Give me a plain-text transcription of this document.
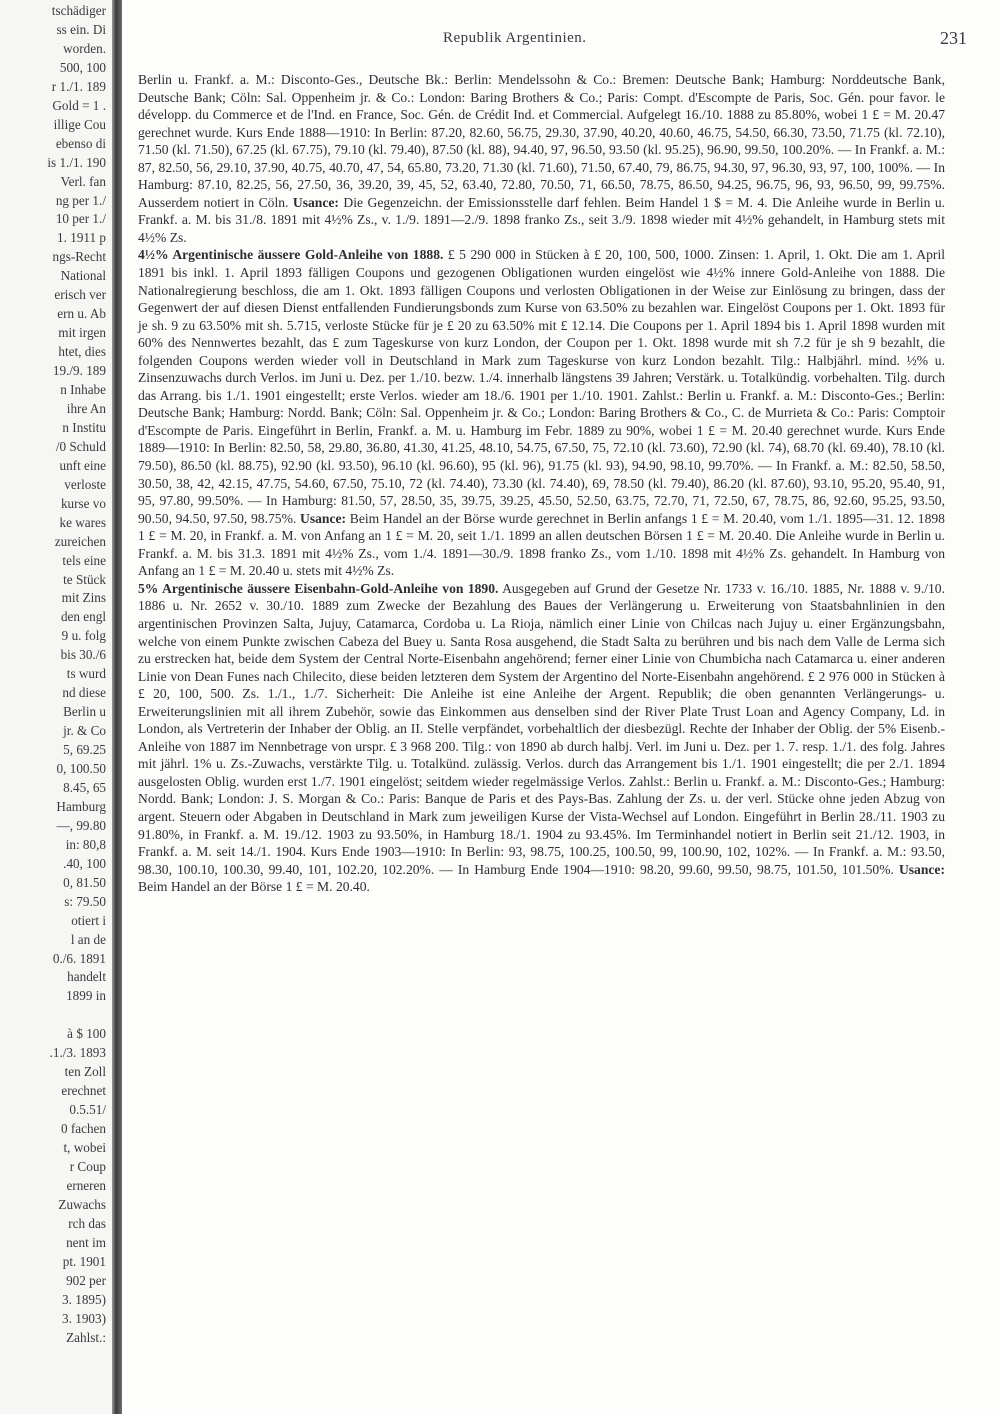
tschädiger
ss ein. Di
worden.
500, 100
r 1./1. 189
Gold = 1 .
illige Cou
ebenso di
is 1./1. 190
Verl. fan
ng per 1./
10 per 1./
1. 1911 p
ngs-Recht
National
erisch ver
ern u. Ab
mit irgen
htet, dies
19./9. 189
n Inhabe
ihre An
n Institu
/0 Schuld
unft eine
verloste
kurse vo
ke wares
zureichen
tels eine
te Stück
mit Zins
den engl
9 u. folg
bis 30./6
ts wurd
nd diese
Berlin u
jr. & Co
5, 69.25
0, 100.50
8.45, 65
Hamburg
—, 99.80
in: 80,8
.40, 100
0, 81.50
s: 79.50
otiert i
l an de
0./6. 1891
handelt
1899 in
à $ 100
.1./3. 1893
ten Zoll
erechnet
0.5.51/
0 fachen
t, wobei
r Coup
erneren
Zuwachs
rch das
nent im
pt. 1901
902 per
3. 1895)
3. 1903)
Zahlst.:
Republik Argentinien.	231

Berlin u. Frankf. a. M.: Disconto-Ges., Deutsche Bk.: Berlin: Mendelssohn & Co.: Bremen: Deutsche Bank; Hamburg: Norddeutsche Bank, Deutsche Bank; Cöln: Sal. Oppenheim jr. & Co.: London: Baring Brothers & Co.; Paris: Compt. d'Escompte de Paris, Soc. Gén. pour favor. le développ. du Commerce et de l'Ind. en France, Soc. Gén. de Crédit Ind. et Commercial. Aufgelegt 16./10. 1888 zu 85.80%, wobei 1 £ = M. 20.47 gerechnet wurde. Kurs Ende 1888—1910: In Berlin: 87.20, 82.60, 56.75, 29.30, 37.90, 40.20, 40.60, 46.75, 54.50, 66.30, 73.50, 71.75 (kl. 72.10), 71.50 (kl. 71.50), 67.25 (kl. 67.75), 79.10 (kl. 79.40), 87.50 (kl. 88), 94.40, 97, 96.50, 93.50 (kl. 95.25), 96.90, 99.50, 100.20%. — In Frankf. a. M.: 87, 82.50, 56, 29.10, 37.90, 40.75, 40.70, 47, 54, 65.80, 73.20, 71.30 (kl. 71.60), 71.50, 67.40, 79, 86.75, 94.30, 97, 96.30, 93, 97, 100, 100%. — In Hamburg: 87.10, 82.25, 56, 27.50, 36, 39.20, 39, 45, 52, 63.40, 72.80, 70.50, 71, 66.50, 78.75, 86.50, 94.25, 96.75, 96, 93, 96.50, 99, 99.75%. Ausserdem notiert in Cöln. Usance: Die Gegenzeichn. der Emissionsstelle darf fehlen. Beim Handel 1 $ = M. 4. Die Anleihe wurde in Berlin u. Frankf. a. M. bis 31./8. 1891 mit 4½% Zs., v. 1./9. 1891—2./9. 1898 franko Zs., seit 3./9. 1898 wieder mit 4½% gehandelt, in Hamburg stets mit 4½% Zs.

4½% Argentinische äussere Gold-Anleihe von 1888. £ 5 290 000 in Stücken à £ 20, 100, 500, 1000. Zinsen: 1. April, 1. Okt. Die am 1. April 1891 bis inkl. 1. April 1893 fälligen Coupons und gezogenen Obligationen wurden eingelöst wie 4½% innere Gold-Anleihe von 1888. Die Nationalregierung beschloss, die am 1. Okt. 1893 fälligen Coupons und verlosten Obligationen in der Weise zur Einlösung zu bringen, dass der Gegenwert der auf diesen Dienst entfallenden Fundierungsbonds zum Kurse von 63.50% zu bezahlen war. Eingelöst Coupons per 1. Okt. 1893 für je sh. 9 zu 63.50% mit sh. 5.715, verloste Stücke für je £ 20 zu 63.50% mit £ 12.14. Die Coupons per 1. April 1894 bis 1. April 1898 wurden mit 60% des Nennwertes bezahlt, das £ zum Tageskurse von kurz London, der Coupon per 1. Okt. 1898 wurde mit sh 7.2 für je sh 9 bezahlt, die folgenden Coupons werden wieder voll in Deutschland in Mark zum Tageskurse von kurz London bezahlt. Tilg.: Halbjährl. mind. ½% u. Zinsenzuwachs durch Verlos. im Juni u. Dez. per 1./10. bezw. 1./4. innerhalb längstens 39 Jahren; Verstärk. u. Totalkündig. vorbehalten. Tilg. durch das Arrang. bis 1./1. 1901 eingestellt; erste Verlos. wieder am 18./6. 1901 per 1./10. 1901. Zahlst.: Berlin u. Frankf. a. M.: Disconto-Ges.; Berlin: Deutsche Bank; Hamburg: Nordd. Bank; Cöln: Sal. Oppenheim jr. & Co.; London: Baring Brothers & Co., C. de Murrieta & Co.: Paris: Comptoir d'Escompte de Paris. Eingeführt in Berlin, Frankf. a. M. u. Hamburg im Febr. 1889 zu 90%, wobei 1 £ = M. 20.40 gerechnet wurde. Kurs Ende 1889—1910: In Berlin: 82.50, 58, 29.80, 36.80, 41.30, 41.25, 48.10, 54.75, 67.50, 75, 72.10 (kl. 73.60), 72.90 (kl. 74), 68.70 (kl. 69.40), 78.10 (kl. 79.50), 86.50 (kl. 88.75), 92.90 (kl. 93.50), 96.10 (kl. 96.60), 95 (kl. 96), 91.75 (kl. 93), 94.90, 98.10, 99.70%. — In Frankf. a. M.: 82.50, 58.50, 30.50, 38, 42, 42.15, 47.75, 54.60, 67.50, 75.10, 72 (kl. 74.40), 73.30 (kl. 74.40), 69, 78.50 (kl. 79.40), 86.20 (kl. 87.60), 93.10, 95.20, 95.40, 91, 95, 97.80, 99.50%. — In Hamburg: 81.50, 57, 28.50, 35, 39.75, 39.25, 45.50, 52.50, 63.75, 72.70, 71, 72.50, 67, 78.75, 86, 92.60, 95.25, 93.50, 90.50, 94.50, 97.50, 98.75%. Usance: Beim Handel an der Börse wurde gerechnet in Berlin anfangs 1 £ = M. 20.40, vom 1./1. 1895—31. 12. 1898 1 £ = M. 20, in Frankf. a. M. von Anfang an 1 £ = M. 20, seit 1./1. 1899 an allen deutschen Börsen 1 £ = M. 20.40. Die Anleihe wurde in Berlin u. Frankf. a. M. bis 31.3. 1891 mit 4½% Zs., vom 1./4. 1891—30./9. 1898 franko Zs., vom 1./10. 1898 mit 4½% Zs. gehandelt. In Hamburg von Anfang an 1 £ = M. 20.40 u. stets mit 4½% Zs.

5% Argentinische äussere Eisenbahn-Gold-Anleihe von 1890. Ausgegeben auf Grund der Gesetze Nr. 1733 v. 16./10. 1885, Nr. 1888 v. 9./10. 1886 u. Nr. 2652 v. 30./10. 1889 zum Zwecke der Bezahlung des Baues der Verlängerung u. Erweiterung von Staatsbahnlinien in den argentinischen Provinzen Salta, Jujuy, Catamarca, Cordoba u. La Rioja, nämlich einer Linie von Chilcas nach Jujuy u. einer Ergänzungsbahn, welche von einem Punkte zwischen Cabeza del Buey u. Santa Rosa ausgehend, die Stadt Salta zu berühren und bis nach dem Valle de Lerma sich zu erstrecken hat, beide dem System der Central Norte-Eisenbahn angehörend; ferner einer Linie von Chumbicha nach Catamarca u. einer anderen Linie von Dean Funes nach Chilecito, diese beiden letzteren dem System der Argentino del Norte-Eisenbahn angehörend. £ 2 976 000 in Stücken à £ 20, 100, 500. Zs. 1./1., 1./7. Sicherheit: Die Anleihe ist eine Anleihe der Argent. Republik; die oben genannten Verlängerungs- u. Erweiterungslinien mit all ihrem Zubehör, sowie das Einkommen aus denselben sind der River Plate Trust Loan and Agency Company, Ld. in London, als Vertreterin der Inhaber der Oblig. an II. Stelle verpfändet, vorbehaltlich der diesbezügl. Rechte der Inhaber der Oblig. der 5% Eisenb.-Anleihe von 1887 im Nennbetrage von urspr. £ 3 968 200. Tilg.: von 1890 ab durch halbj. Verl. im Juni u. Dez. per 1. 7. resp. 1./1. des folg. Jahres mit jährl. 1% u. Zs.-Zuwachs, verstärkte Tilg. u. Totalkünd. zulässig. Verlos. durch das Arrangement bis 1./1. 1901 eingestellt; die per 2./1. 1894 ausgelosten Oblig. wurden erst 1./7. 1901 eingelöst; seitdem wieder regelmässige Verlos. Zahlst.: Berlin u. Frankf. a. M.: Disconto-Ges.; Hamburg: Nordd. Bank; London: J. S. Morgan & Co.: Paris: Banque de Paris et des Pays-Bas. Zahlung der Zs. u. der verl. Stücke ohne jeden Abzug von argent. Steuern oder Abgaben in Deutschland in Mark zum jeweiligen Kurse der Vista-Wechsel auf London. Eingeführt in Berlin 28./11. 1903 zu 91.80%, in Frankf. a. M. 19./12. 1903 zu 93.50%, in Hamburg 18./1. 1904 zu 93.45%. Im Terminhandel notiert in Berlin seit 21./12. 1903, in Frankf. a. M. seit 14./1. 1904. Kurs Ende 1903—1910: In Berlin: 93, 98.75, 100.25, 100.50, 99, 100.90, 102, 102%. — In Frankf. a. M.: 93.50, 98.30, 100.10, 100.30, 99.40, 101, 102.20, 102.20%. — In Hamburg Ende 1904—1910: 98.20, 99.60, 99.50, 98.75, 101.50, 101.50%. Usance: Beim Handel an der Börse 1 £ = M. 20.40.
